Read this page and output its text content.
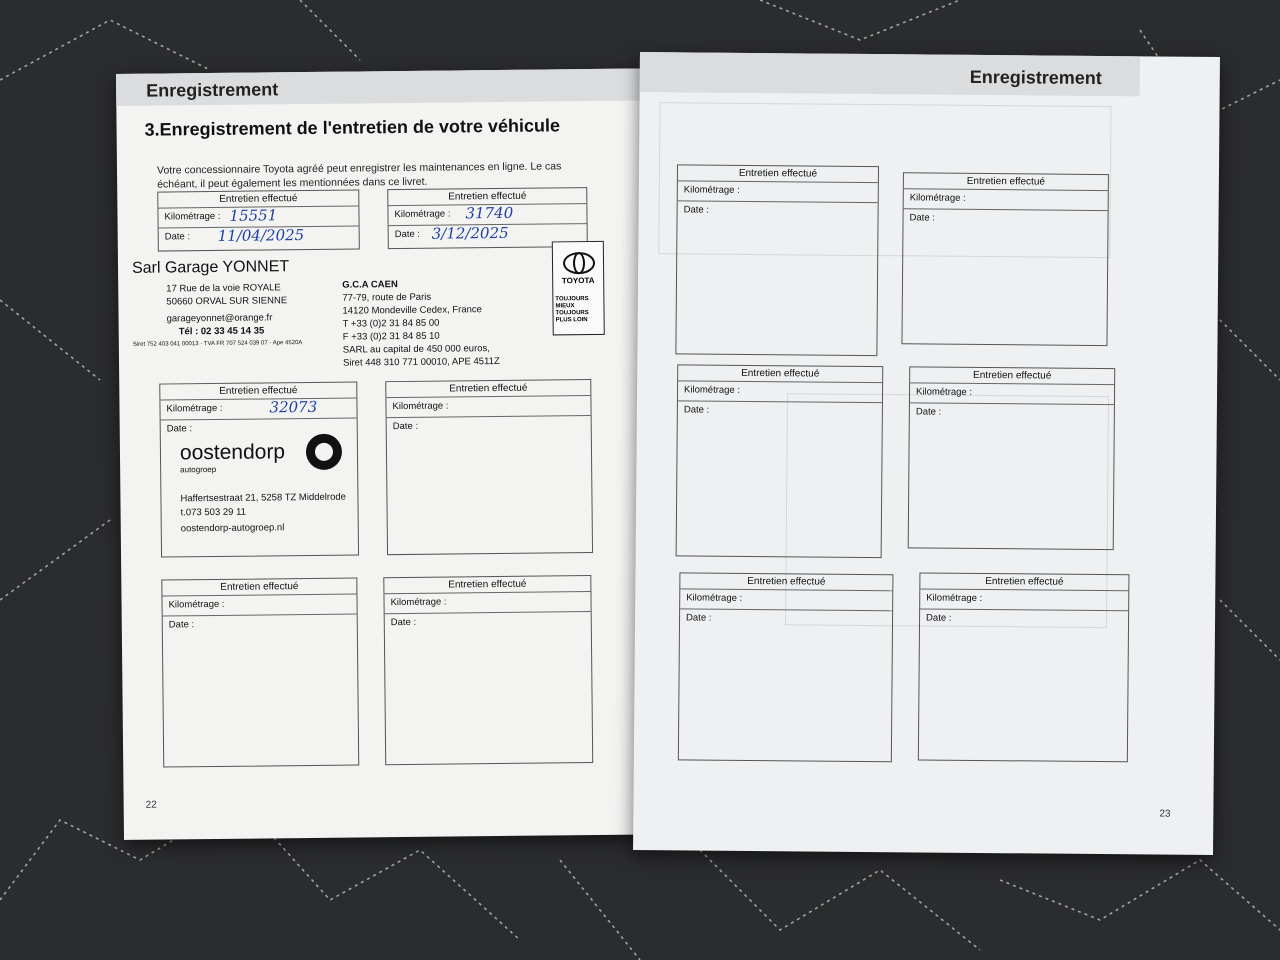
Enregistrement
3.Enregistrement de l'entretien de votre véhicule
Votre concessionnaire Toyota agréé peut enregistrer les maintenances en ligne. Le cas échéant, il peut également les mentionnées dans ce livret.
Entretien effectué
Kilométrage :
Date :
15551
11/04/2025
Entretien effectué
Kilométrage :
Date :
31740
3/12/2025
TOYOTA
TOUJOURS MIEUX TOUJOURS PLUS LOIN
Sarl Garage YONNET
17 Rue de la voie ROYALE
50660 ORVAL SUR SIENNE
garageyonnet@orange.fr
Tél : 02 33 45 14 35
Siret 752 403 041 00013 · TVA FR 707 524 039 07 · Ape 4520A
G.C.A CAEN
77-79, route de Paris
14120 Mondeville Cedex, France
T +33 (0)2 31 84 85 00
F +33 (0)2 31 84 85 10
SARL au capital de 450 000 euros,
Siret 448 310 771 00010, APE 4511Z
Entretien effectué
Kilométrage :
Date :
32073
oostendorp
autogroep
Haffertsestraat 21, 5258 TZ Middelrode
t.073 503 29 11
oostendorp-autogroep.nl
Entretien effectué
Kilométrage :
Date :
Entretien effectué
Kilométrage :
Date :
Entretien effectué
Kilométrage :
Date :
22
Enregistrement
Entretien effectué
Kilométrage :
Date :
Entretien effectué
Kilométrage :
Date :
Entretien effectué
Kilométrage :
Date :
Entretien effectué
Kilométrage :
Date :
Entretien effectué
Kilométrage :
Date :
Entretien effectué
Kilométrage :
Date :
23
